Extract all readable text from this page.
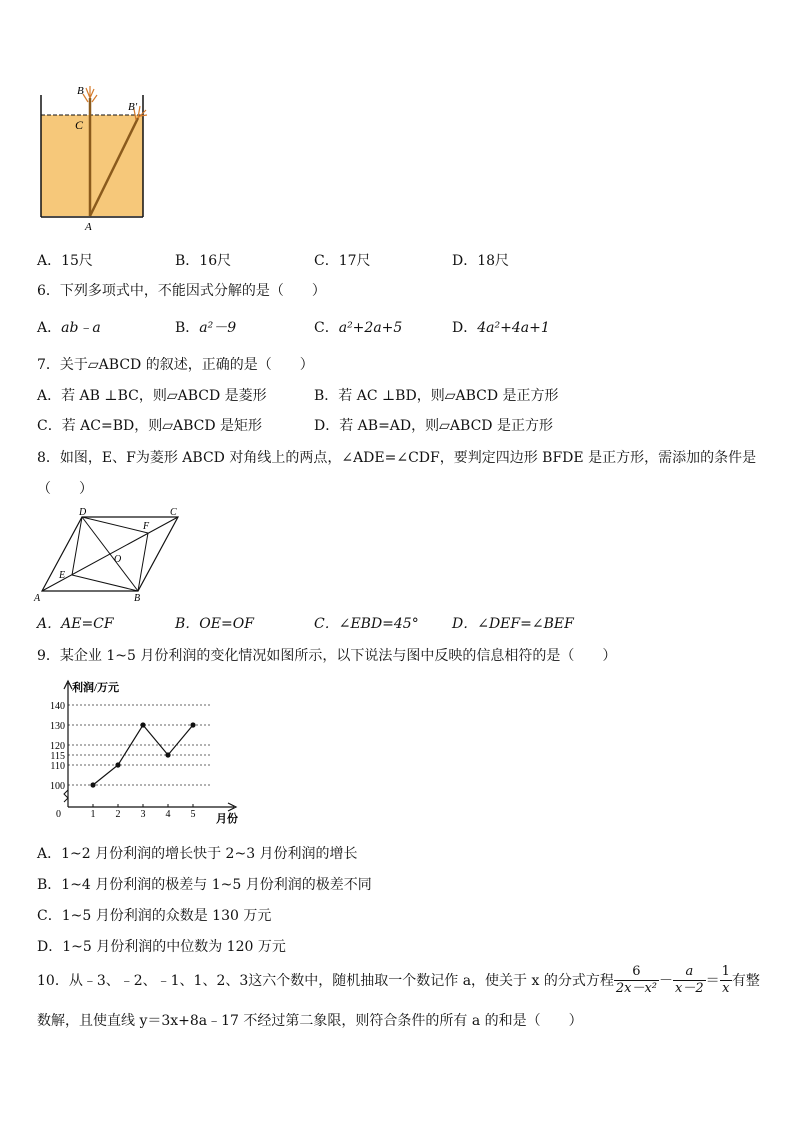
B
B′
C
A
A．15尺	B．16尺	C．17尺	D．18尺
6．下列多项式中，不能因式分解的是（　　）
A．ab﹣a	B．a²－9	C．a²+2a+5	D．4a²+4a+1
7．关于▱ABCD 的叙述，正确的是（　　）
A．若 AB ⊥BC，则▱ABCD 是菱形	B．若 AC ⊥BD，则▱ABCD 是正方形
C．若 AC=BD，则▱ABCD 是矩形	D．若 AB=AD，则▱ABCD 是正方形
8．如图，E、F为菱形 ABCD 对角线上的两点，∠ADE=∠CDF，要判定四边形 BFDE 是正方形，需添加的条件是
（　　）
D	C
F
O
E
A	B
A．AE=CF	B．OE=OF	C．∠EBD=45° D．∠DEF=∠BEF
9．某企业 1~5 月份利润的变化情况如图所示，以下说法与图中反映的信息相符的是（　　）
利润/万元
月份
0
100
110
115
120
130
140
1 2 3 4 5
A．1~2 月份利润的增长快于 2~3 月份利润的增长
B．1~4 月份利润的极差与 1~5 月份利润的极差不同
C．1~5 月份利润的众数是 130 万元
D．1~5 月份利润的中位数为 120 万元
10．从﹣3、﹣2、﹣1、1、2、3这六个数中，随机抽取一个数记作 a，使关于 x 的分式方程 $\frac{6}{\text{2x－x²}} - \frac{a}{x-2} = \frac{1}{x}$ 有整
数解，且使直线 y＝3x+8a﹣17 不经过第二象限，则符合条件的所有 a 的和是（　　）
